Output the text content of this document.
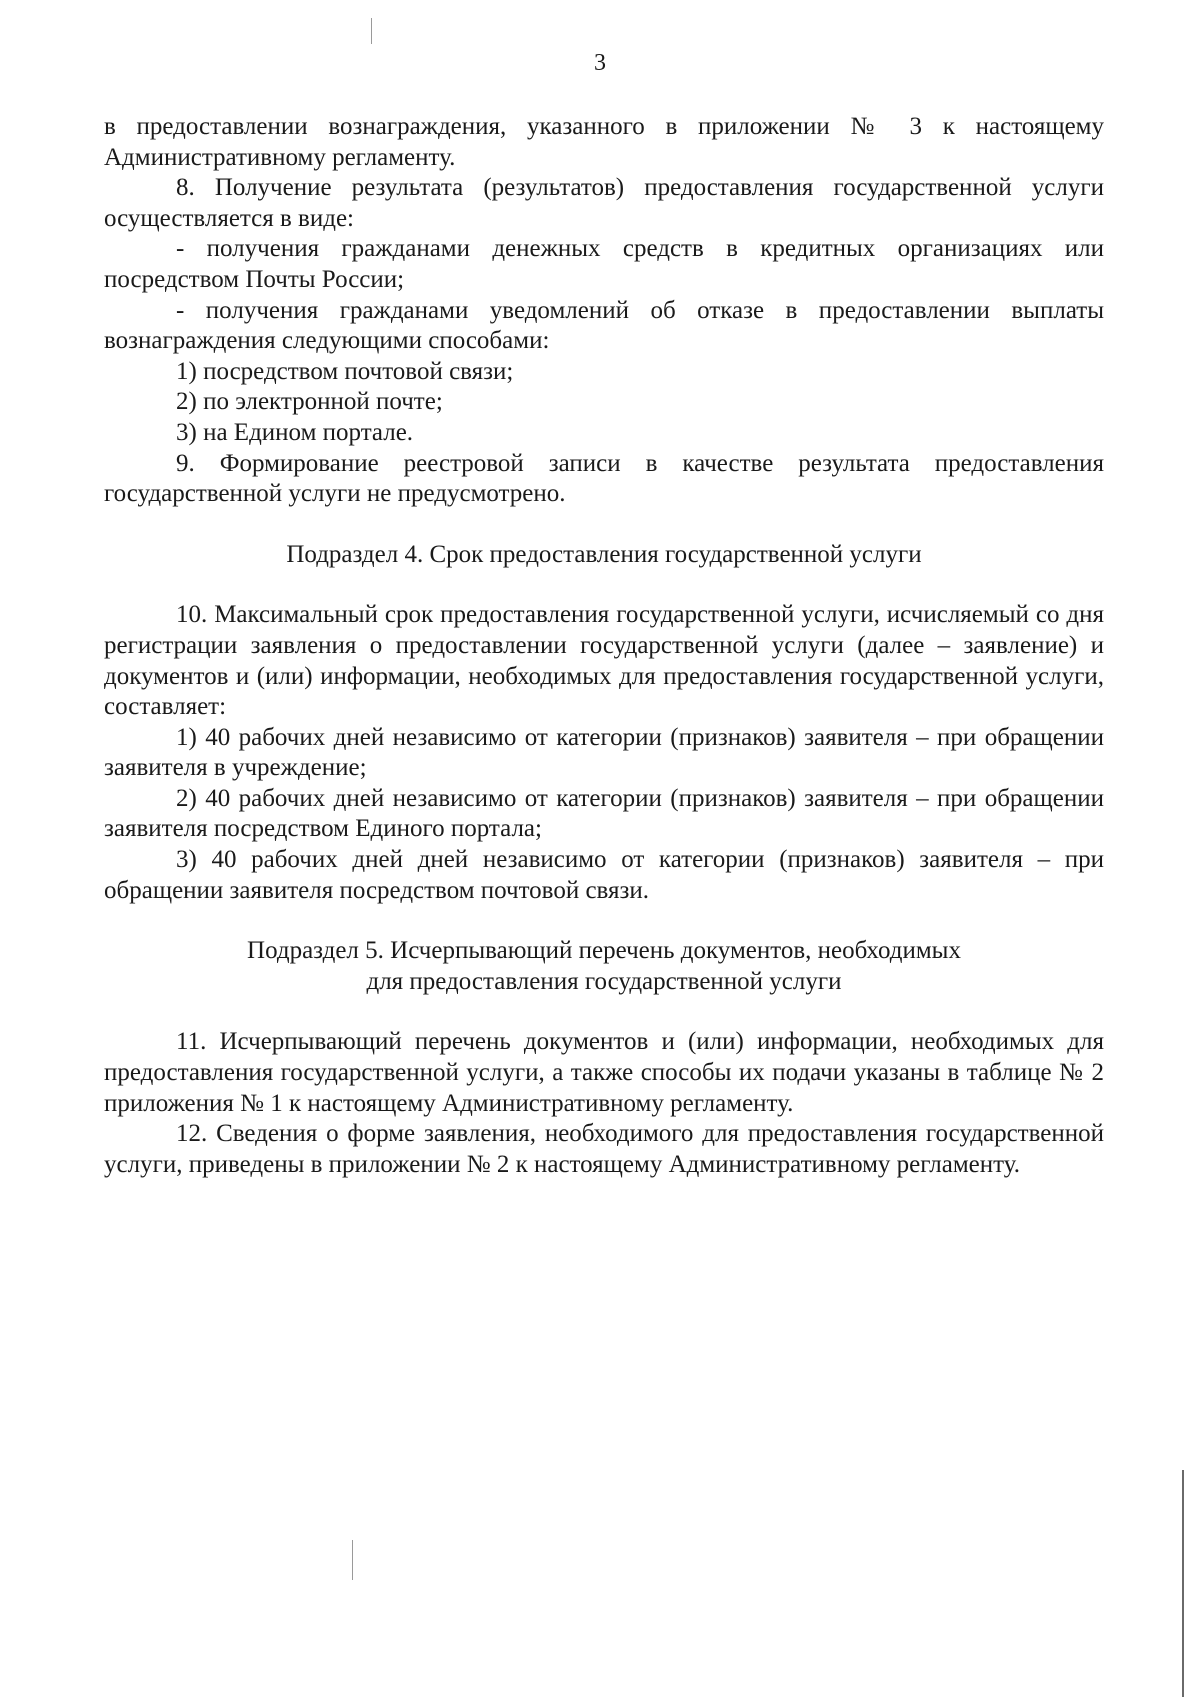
3

в предоставлении вознаграждения, указанного в приложении № 3 к настоящему Административному регламенту.

8. Получение результата (результатов) предоставления государственной услуги осуществляется в виде:

- получения гражданами денежных средств в кредитных организациях или посредством Почты России;

- получения гражданами уведомлений об отказе в предоставлении выплаты вознаграждения следующими способами:

1) посредством почтовой связи;

2) по электронной почте;

3) на Едином портале.

9. Формирование реестровой записи в качестве результата предоставления государственной услуги не предусмотрено.

Подраздел 4. Срок предоставления государственной услуги

10. Максимальный срок предоставления государственной услуги, исчисляемый со дня регистрации заявления о предоставлении государственной услуги (далее – заявление) и документов и (или) информации, необходимых для предоставления государственной услуги, составляет:

1) 40 рабочих дней независимо от категории (признаков) заявителя – при обращении заявителя в учреждение;

2) 40 рабочих дней независимо от категории (признаков) заявителя – при обращении заявителя посредством Единого портала;

3) 40 рабочих дней дней независимо от категории (признаков) заявителя – при обращении заявителя посредством почтовой связи.

Подраздел 5. Исчерпывающий перечень документов, необходимых

для предоставления государственной услуги

11. Исчерпывающий перечень документов и (или) информации, необходимых для предоставления государственной услуги, а также способы их подачи указаны в таблице № 2 приложения № 1 к настоящему Административному регламенту.

12. Сведения о форме заявления, необходимого для предоставления государственной услуги, приведены в приложении № 2 к настоящему Административному регламенту.
